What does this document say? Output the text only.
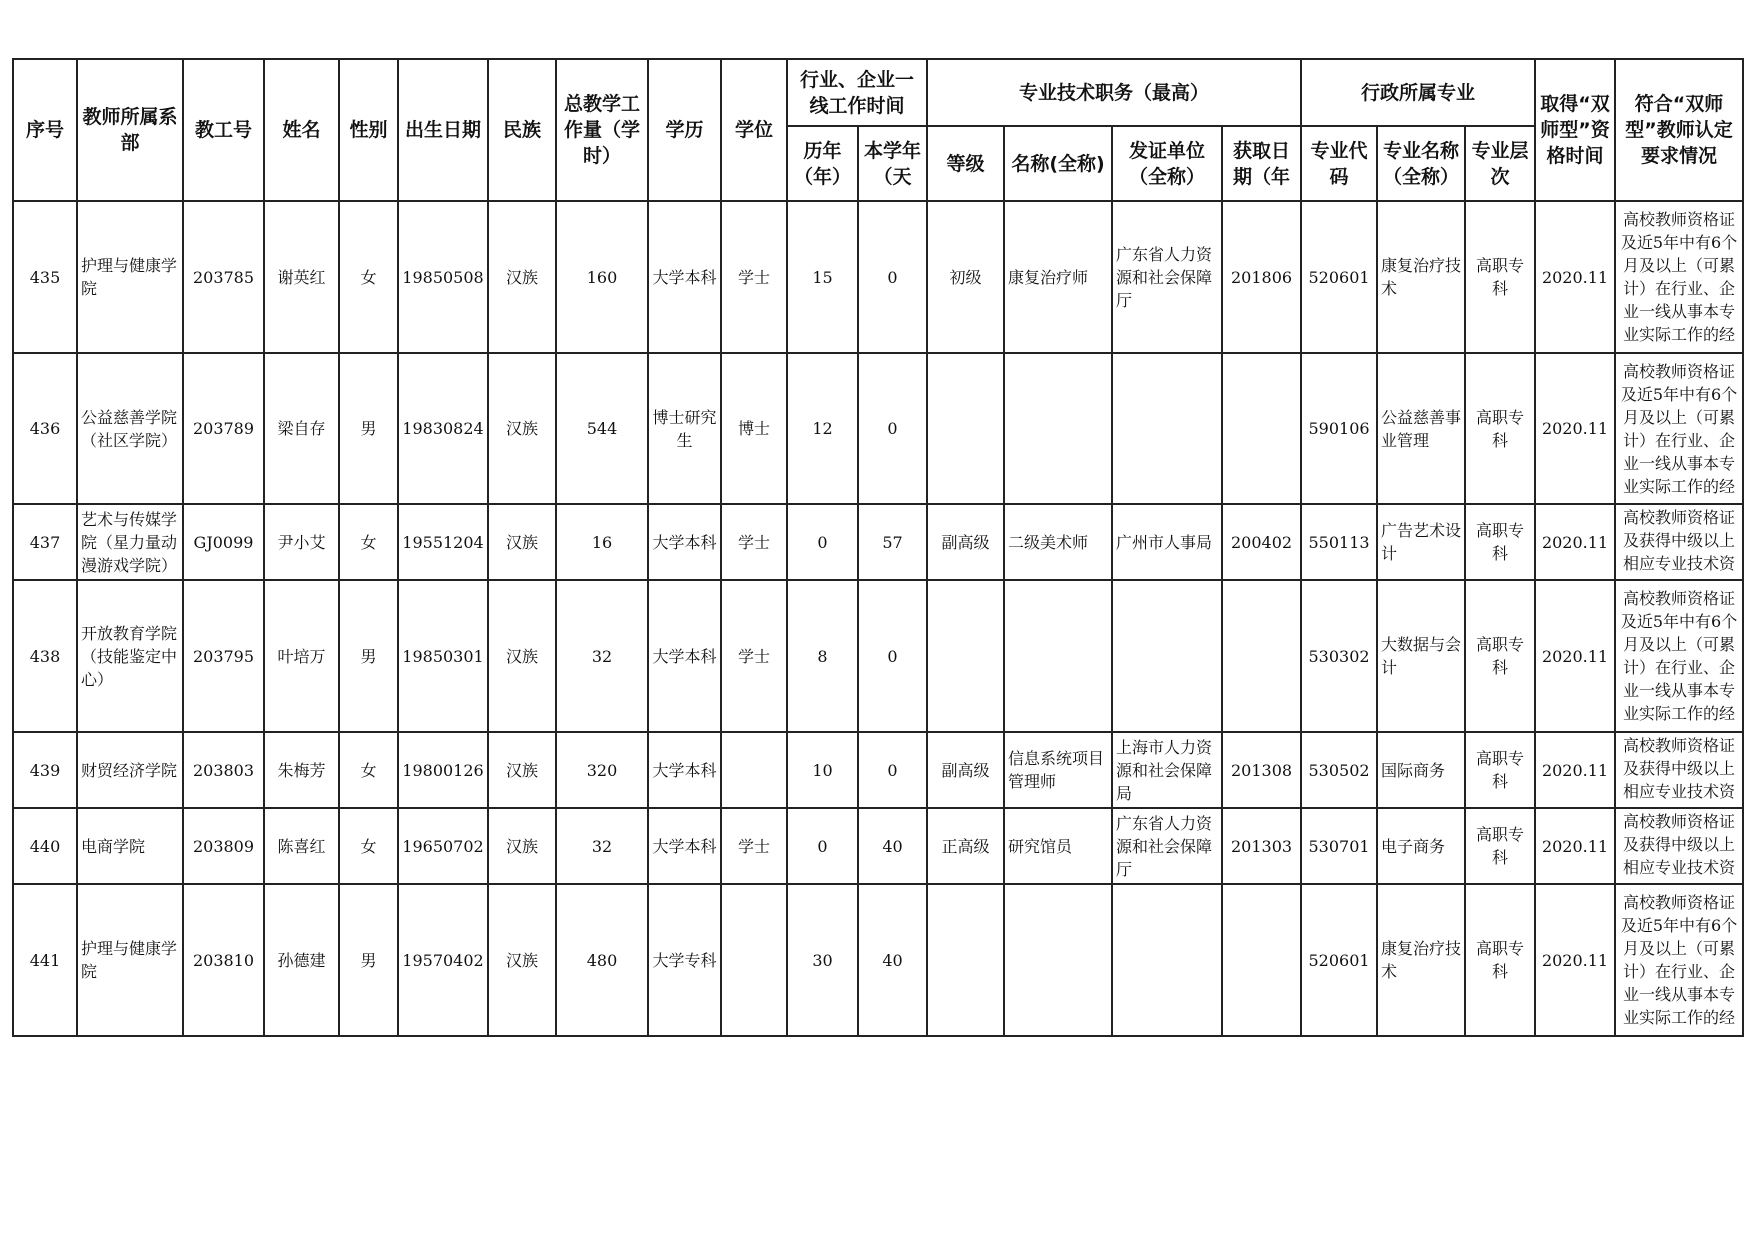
序号	教师所属系部	教工号	姓名	性别	出生日期	民族	总教学工作量（学时）	学历	学位	行业、企业一线工作时间		专业技术职务（最高）				行政所属专业			取得“双师型”资格时间	符合“双师型”教师认定要求情况

										历年（年）	本学年（天	等级	名称(全称)	发证单位（全称）	获取日期（年	专业代码	专业名称（全称）	专业层次		

435	护理与健康学院	203785	谢英红	女	19850508	汉族	160	大学本科	学士	15	0	初级	康复治疗师	广东省人力资源和社会保障厅	201806	520601	康复治疗技术	高职专科	2020.11	高校教师资格证及近5年中有6个月及以上（可累计）在行业、企业一线从事本专业实际工作的经

436	公益慈善学院（社区学院）	203789	梁自存	男	19830824	汉族	544	博士研究生	博士	12	0					590106	公益慈善事业管理	高职专科	2020.11	高校教师资格证及近5年中有6个月及以上（可累计）在行业、企业一线从事本专业实际工作的经

437	艺术与传媒学院（星力量动漫游戏学院）	GJ0099	尹小艾	女	19551204	汉族	16	大学本科	学士	0	57	副高级	二级美术师	广州市人事局	200402	550113	广告艺术设计	高职专科	2020.11	高校教师资格证及获得中级以上相应专业技术资

438	开放教育学院（技能鉴定中心）	203795	叶培万	男	19850301	汉族	32	大学本科	学士	8	0					530302	大数据与会计	高职专科	2020.11	高校教师资格证及近5年中有6个月及以上（可累计）在行业、企业一线从事本专业实际工作的经

439	财贸经济学院	203803	朱梅芳	女	19800126	汉族	320	大学本科		10	0	副高级	信息系统项目管理师	上海市人力资源和社会保障局	201308	530502	国际商务	高职专科	2020.11	高校教师资格证及获得中级以上相应专业技术资

440	电商学院	203809	陈喜红	女	19650702	汉族	32	大学本科	学士	0	40	正高级	研究馆员	广东省人力资源和社会保障厅	201303	530701	电子商务	高职专科	2020.11	高校教师资格证及获得中级以上相应专业技术资

441	护理与健康学院	203810	孙德建	男	19570402	汉族	480	大学专科		30	40					520601	康复治疗技术	高职专科	2020.11	高校教师资格证及近5年中有6个月及以上（可累计）在行业、企业一线从事本专业实际工作的经
